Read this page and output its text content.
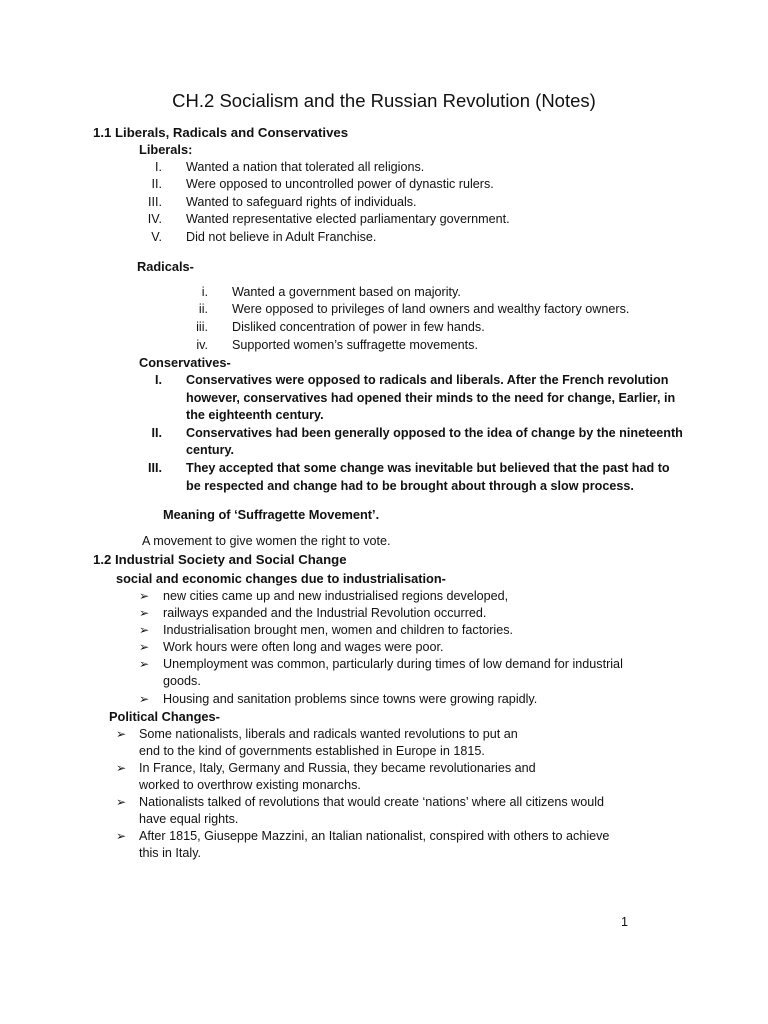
CH.2 Socialism and the Russian Revolution (Notes)
1.1 Liberals, Radicals and Conservatives
Liberals:
I. Wanted a nation that tolerated all religions.
II. Were opposed to uncontrolled power of dynastic rulers.
III. Wanted to safeguard rights of individuals.
IV. Wanted representative elected parliamentary government.
V. Did not believe in Adult Franchise.
Radicals-
i. Wanted a government based on majority.
ii. Were opposed to privileges of land owners and wealthy factory owners.
iii. Disliked concentration of power in few hands.
iv. Supported women’s suffragette movements.
Conservatives-
I. Conservatives were opposed to radicals and liberals. After the French revolution
however, conservatives had opened their minds to the need for change, Earlier, in
the eighteenth century.
II. Conservatives had been generally opposed to the idea of change by the nineteenth
century.
III. They accepted that some change was inevitable but believed that the past had to
be respected and change had to be brought about through a slow process.
Meaning of ‘Suffragette Movement’.
A movement to give women the right to vote.
1.2 Industrial Society and Social Change
social and economic changes due to industrialisation-
➢ new cities came up and new industrialised regions developed,
➢ railways expanded and the Industrial Revolution occurred.
➢ Industrialisation brought men, women and children to factories.
➢ Work hours were often long and wages were poor.
➢ Unemployment was common, particularly during times of low demand for industrial
goods.
➢ Housing and sanitation problems since towns were growing rapidly.
Political Changes-
➢ Some nationalists, liberals and radicals wanted revolutions to put an
end to the kind of governments established in Europe in 1815.
➢ In France, Italy, Germany and Russia, they became revolutionaries and
worked to overthrow existing monarchs.
➢ Nationalists talked of revolutions that would create ‘nations’ where all citizens would
have equal rights.
➢ After 1815, Giuseppe Mazzini, an Italian nationalist, conspired with others to achieve
this in Italy.
1
